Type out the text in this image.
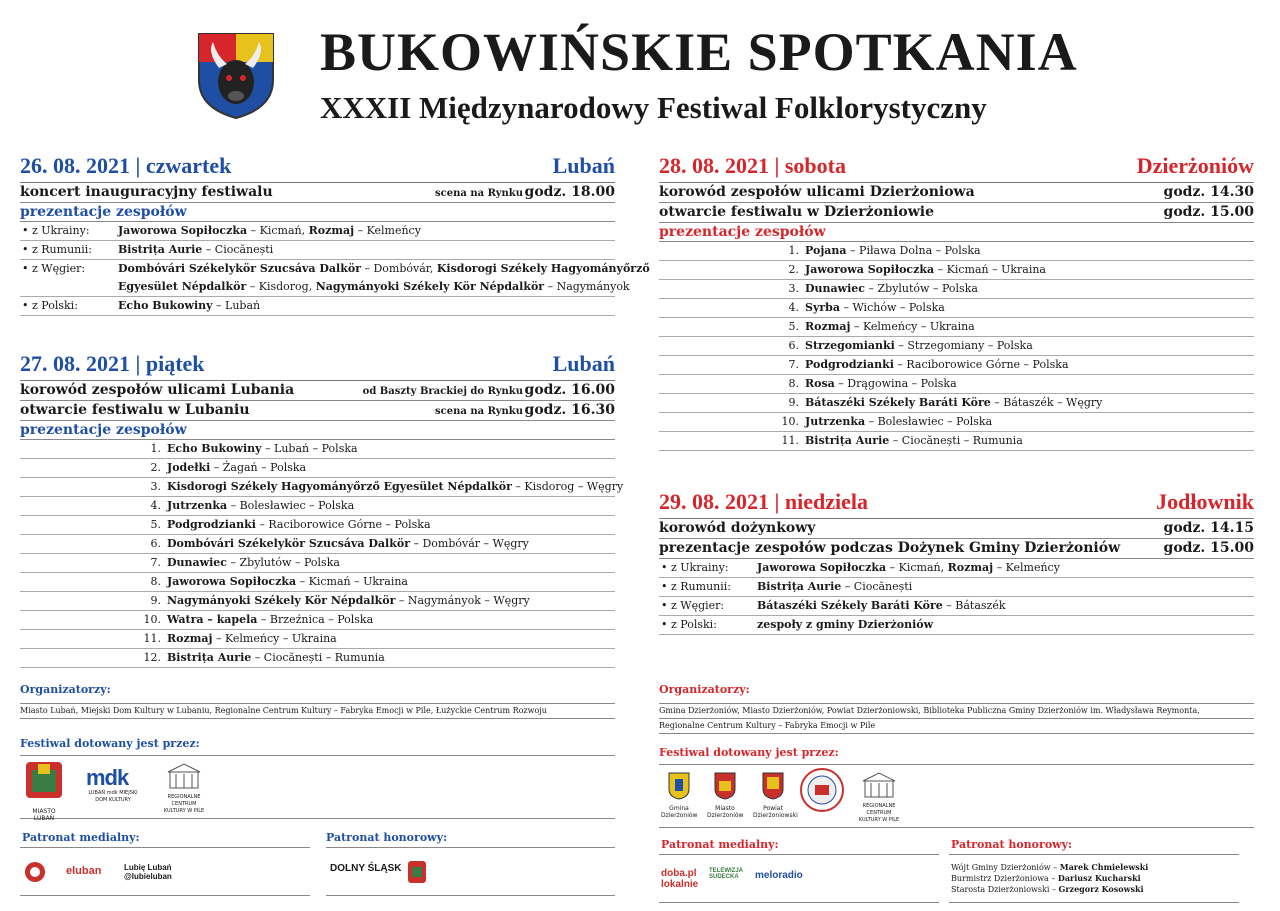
BUKOWIŃSKIE SPOTKANIA
XXXII Międzynarodowy Festiwal Folklorystyczny
26. 08. 2021 | czwartek	Lubań
koncert inauguracyjny festiwalu	scena na Rynku godz. 18.00
prezentacje zespołów
• z Ukrainy:	Jaworowa Sopiłoczka – Kicmań, Rozmaj – Kelmeńcy
• z Rumunii: Bistrița Aurie – Ciocănești
• z Węgier:	Dombóvári Székelykör Szucsáva Dalkör – Dombóvár, Kisdorogi Székely Hagyományőrző
Egyesület Népdalkör – Kisdorog, Nagymányoki Székely Kör Népdalkör – Nagymányok
• z Polski:	Echo Bukowiny – Lubań
27. 08. 2021 | piątek	Lubań
korowód zespołów ulicami Lubania	od Baszty Brackiej do Rynku godz. 16.00
otwarcie festiwalu w Lubaniu	scena na Rynku godz. 16.30
prezentacje zespołów
1. Echo Bukowiny – Lubań – Polska
2. Jodełki – Żagań – Polska
3. Kisdorogi Székely Hagyományőrző Egyesület Népdalkör – Kisdorog – Węgry
4. Jutrzenka – Bolesławiec – Polska
5. Podgrodzianki – Raciborowice Górne – Polska
6. Dombóvári Székelykör Szucsáva Dalkör – Dombóvár – Węgry
7. Dunawiec – Zbylutów – Polska
8. Jaworowa Sopiłoczka – Kicmań – Ukraina
9. Nagymányoki Székely Kör Népdalkör – Nagymányok – Węgry
10. Watra – kapela – Brzeźnica – Polska
11. Rozmaj – Kelmeńcy – Ukraina
12. Bistrița Aurie – Ciocănești – Rumunia
28. 08. 2021 | sobota	Dzierżoniów
korowód zespołów ulicami Dzierżoniowa	godz. 14.30
otwarcie festiwalu w Dzierżoniowie	godz. 15.00
prezentacje zespołów
1. Pojana – Piława Dolna – Polska
2. Jaworowa Sopiłoczka – Kicmań – Ukraina
3. Dunawiec – Zbylutów – Polska
4. Syrba – Wichów – Polska
5. Rozmaj – Kelmeńcy – Ukraina
6. Strzegomianki – Strzegomiany – Polska
7. Podgrodzianki – Raciborowice Górne – Polska
8. Rosa – Drągowina – Polska
9. Bátaszéki Székely Baráti Köre – Bátaszék – Węgry
10. Jutrzenka – Bolesławiec – Polska
11. Bistrița Aurie – Ciocănești – Rumunia
29. 08. 2021 | niedziela	Jodłownik
korowód dożynkowy	godz. 14.15
prezentacje zespołów podczas Dożynek Gminy Dzierżoniów	godz. 15.00
• z Ukrainy:	Jaworowa Sopiłoczka – Kicmań, Rozmaj – Kelmeńcy
• z Rumunii: Bistrița Aurie – Ciocănești
• z Węgier:	Bátaszéki Székely Baráti Köre – Bátaszék
• z Polski:	zespoły z gminy Dzierżoniów
Organizatorzy:
Miasto Lubań, Miejski Dom Kultury w Lubaniu, Regionalne Centrum Kultury – Fabryka Emocji w Pile, Łużyckie Centrum Rozwoju
Festiwal dotowany jest przez:
MIASTO LUBAŃ
mdk
LUBAŃ mdk MIEJSKI DOM KULTURY	REGIONALNE CENTRUM KULTURY W PILE
Patronat medialny:
eluban	Lubię Lubań @lubieluban
Patronat honorowy:
DOLNY ŚLĄSK
Organizatorzy:
Gmina Dzierżoniów, Miasto Dzierżoniów, Powiat Dzierżoniowski, Biblioteka Publiczna Gminy Dzierżoniów im. Władysława Reymonta,
Regionalne Centrum Kultury – Fabryka Emocji w Pile
Festiwal dotowany jest przez:
Gmina Dzierżoniów
Miasto Dzierżoniów
Powiat Dzierżoniowski
REGIONALNE CENTRUM KULTURY W PILE
Patronat medialny:
doba.pl lokalnie
TELEWIZJA SUDECKA	meloradio
Patronat honorowy:
Wójt Gminy Dzierżoniów – Marek Chmielewski
Burmistrz Dzierżoniowa – Dariusz Kucharski
Starosta Dzierżoniowski – Grzegorz Kosowski
